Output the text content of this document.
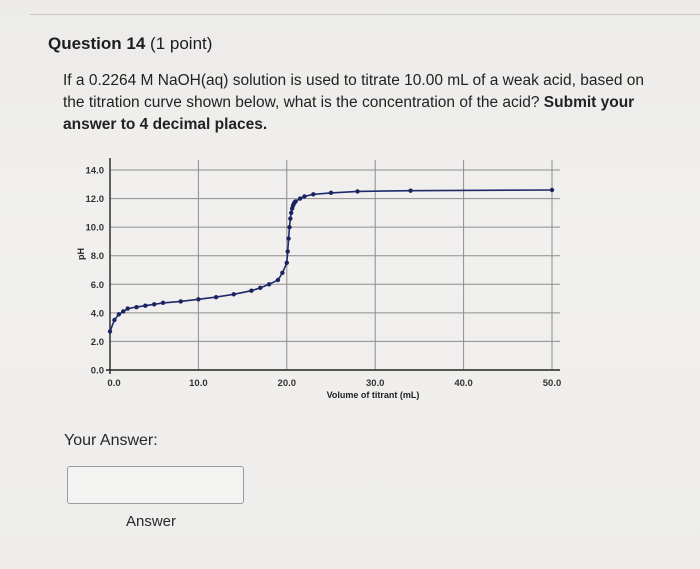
Question 14 (1 point)
If a 0.2264 M NaOH(aq) solution is used to titrate 10.00 mL of a weak acid, based on the titration curve shown below, what is the concentration of the acid? Submit your answer to 4 decimal places.
0.0
2.0
4.0
6.0
8.0
10.0
12.0
14.0
0.0	10.0	20.0	30.0	40.0	50.0
Volume of titrant (mL)
pH
Your Answer:
Answer
